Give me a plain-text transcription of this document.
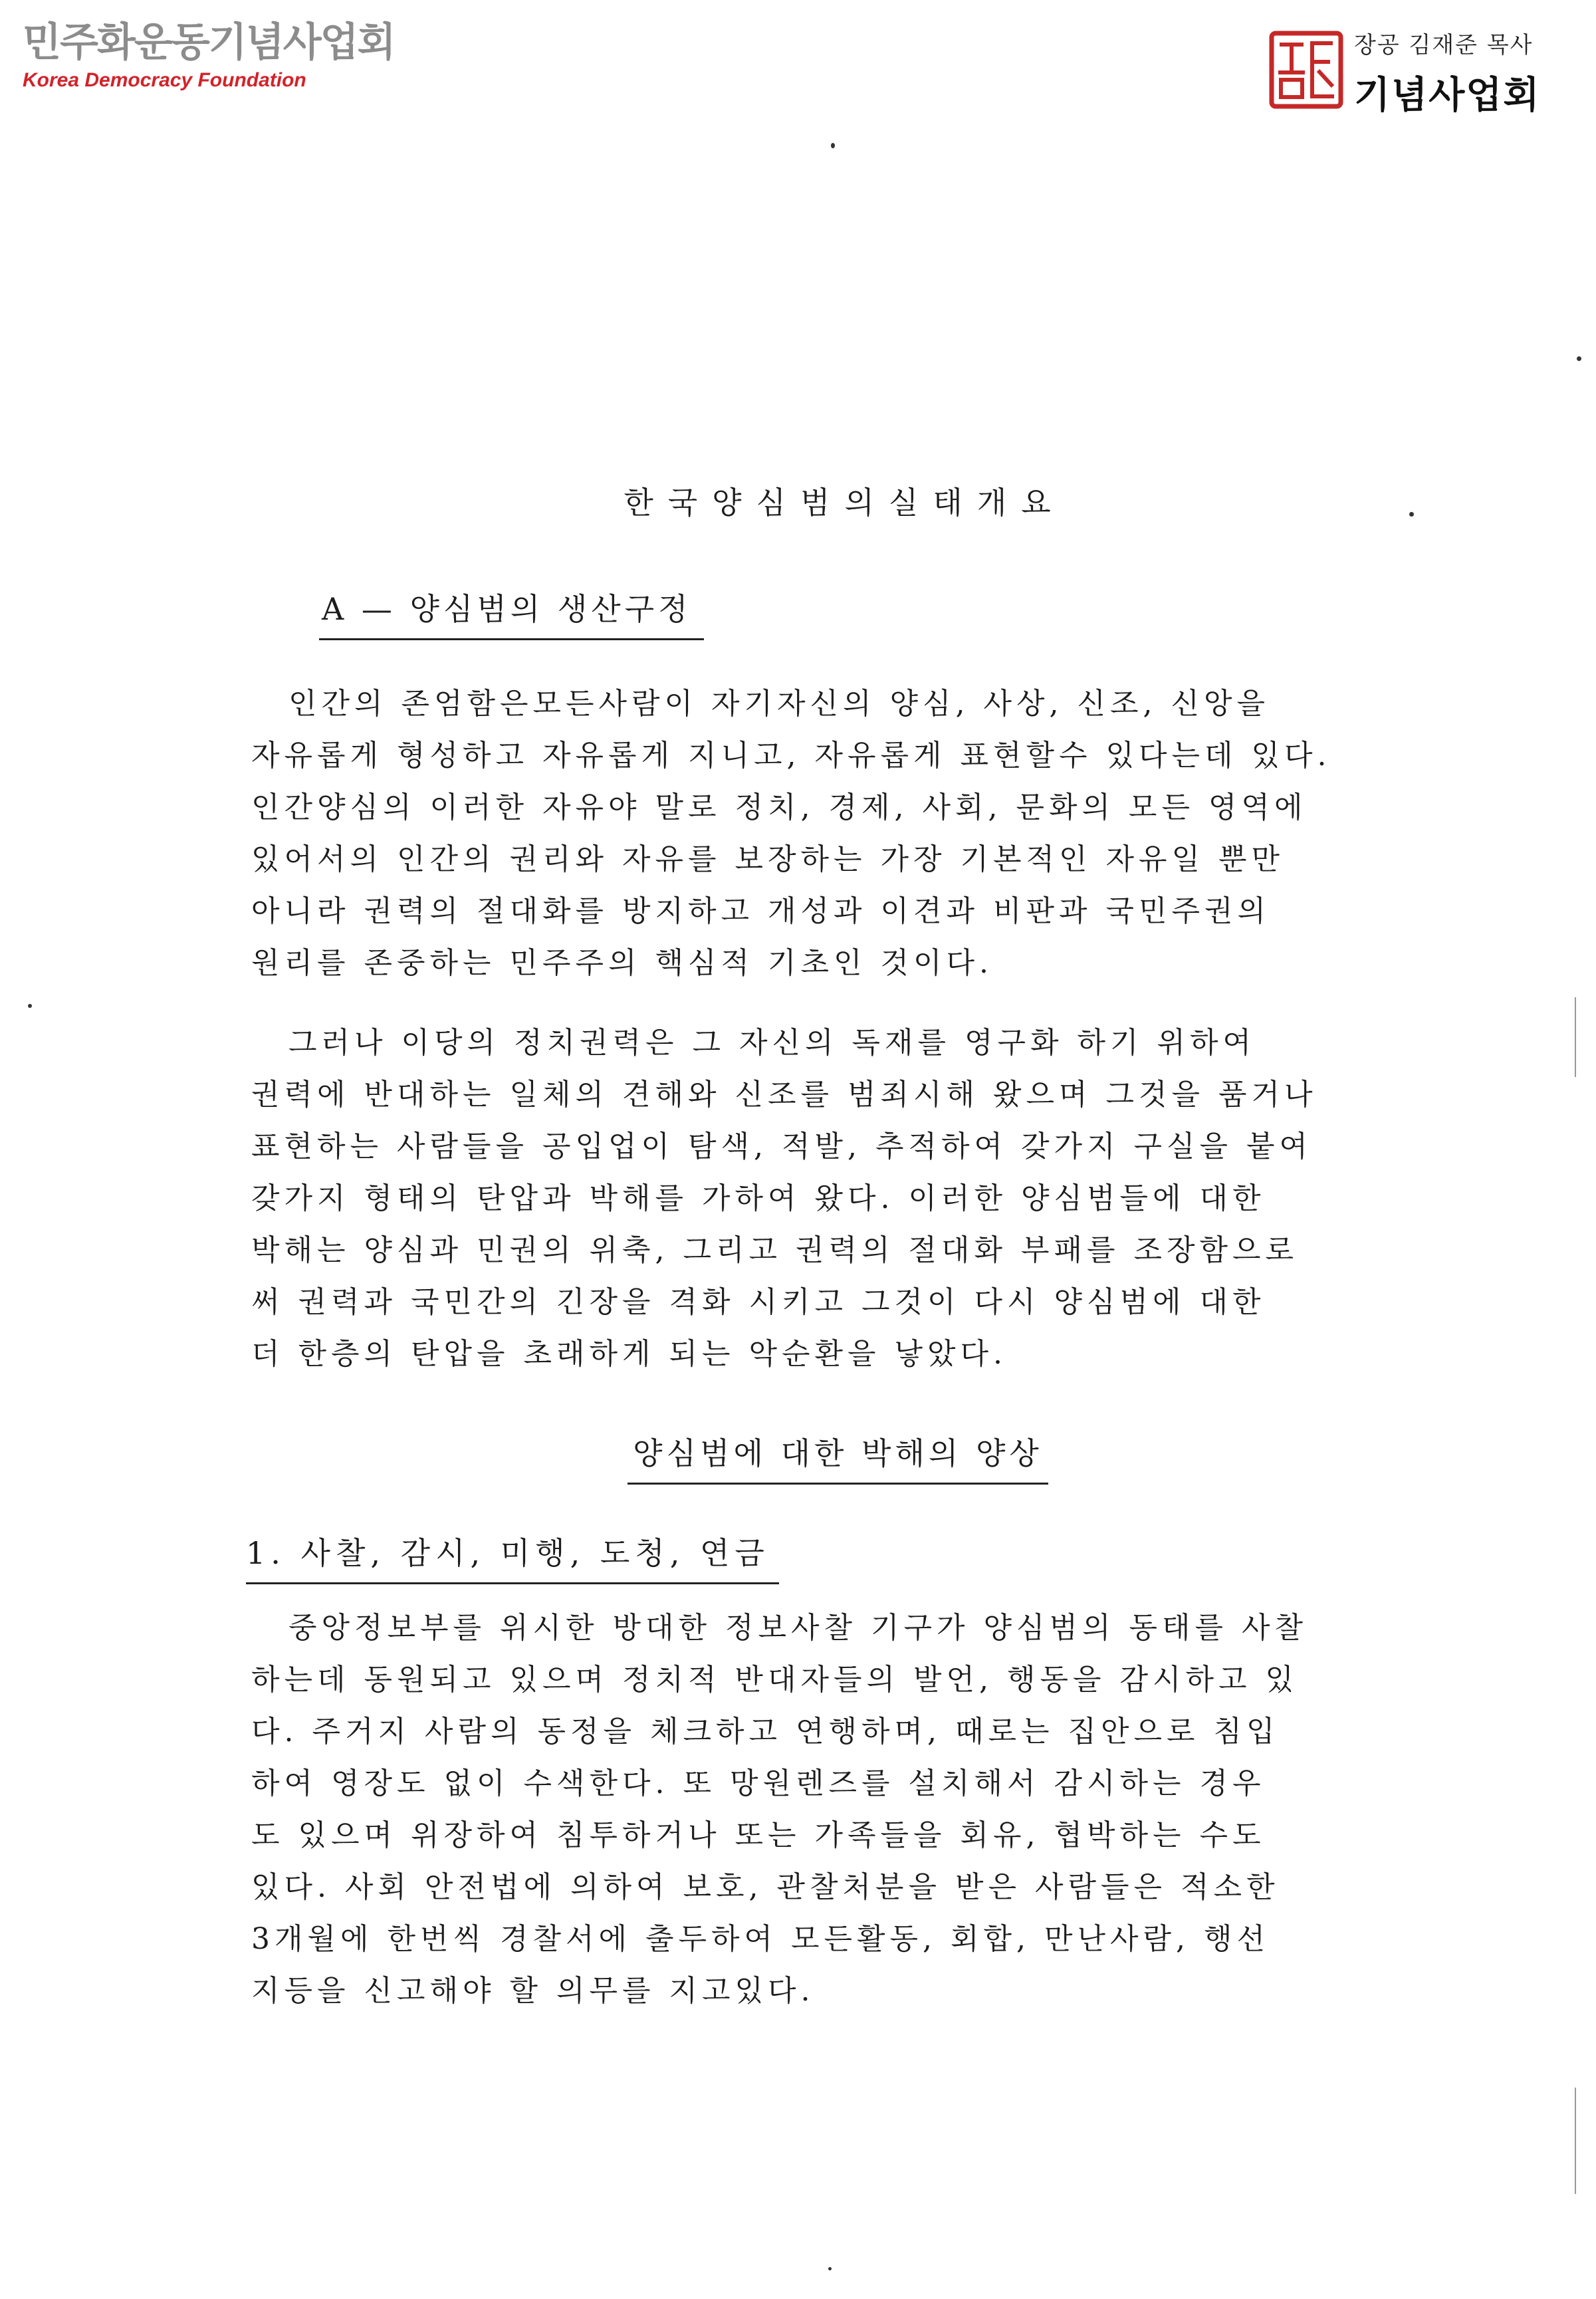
민주화운동기념사업회
Korea Democracy Foundation
장공 김재준 목사
기념사업회
한국양심범의실태개요
A — 양심범의 생산구정

인간의 존엄함은모든사람이 자기자신의 양심, 사상, 신조, 신앙을
자유롭게 형성하고 자유롭게 지니고, 자유롭게 표현할수 있다는데 있다.
인간양심의 이러한 자유야 말로 정치, 경제, 사회, 문화의 모든 영역에
있어서의 인간의 권리와 자유를 보장하는 가장 기본적인 자유일 뿐만
아니라 권력의 절대화를 방지하고 개성과 이견과 비판과 국민주권의
원리를 존중하는 민주주의 핵심적 기초인 것이다.

그러나 이당의 정치권력은 그 자신의 독재를 영구화 하기 위하여
권력에 반대하는 일체의 견해와 신조를 범죄시해 왔으며 그것을 품거나
표현하는 사람들을 공입업이 탐색, 적발, 추적하여 갖가지 구실을 붙여
갖가지 형태의 탄압과 박해를 가하여 왔다. 이러한 양심범들에 대한
박해는 양심과 민권의 위축, 그리고 권력의 절대화 부패를 조장함으로
써 권력과 국민간의 긴장을 격화 시키고 그것이 다시 양심범에 대한
더 한층의 탄압을 초래하게 되는 악순환을 낳았다.

양심범에 대한 박해의 양상
1. 사찰, 감시, 미행, 도청, 연금

중앙정보부를 위시한 방대한 정보사찰 기구가 양심범의 동태를 사찰
하는데 동원되고 있으며 정치적 반대자들의 발언, 행동을 감시하고 있
다. 주거지 사람의 동정을 체크하고 연행하며, 때로는 집안으로 침입
하여 영장도 없이 수색한다. 또 망원렌즈를 설치해서 감시하는 경우
도 있으며 위장하여 침투하거나 또는 가족들을 회유, 협박하는 수도
있다. 사회 안전법에 의하여 보호, 관찰처분을 받은 사람들은 적소한
3개월에 한번씩 경찰서에 출두하여 모든활동, 회합, 만난사람, 행선
지등을 신고해야 할 의무를 지고있다.
